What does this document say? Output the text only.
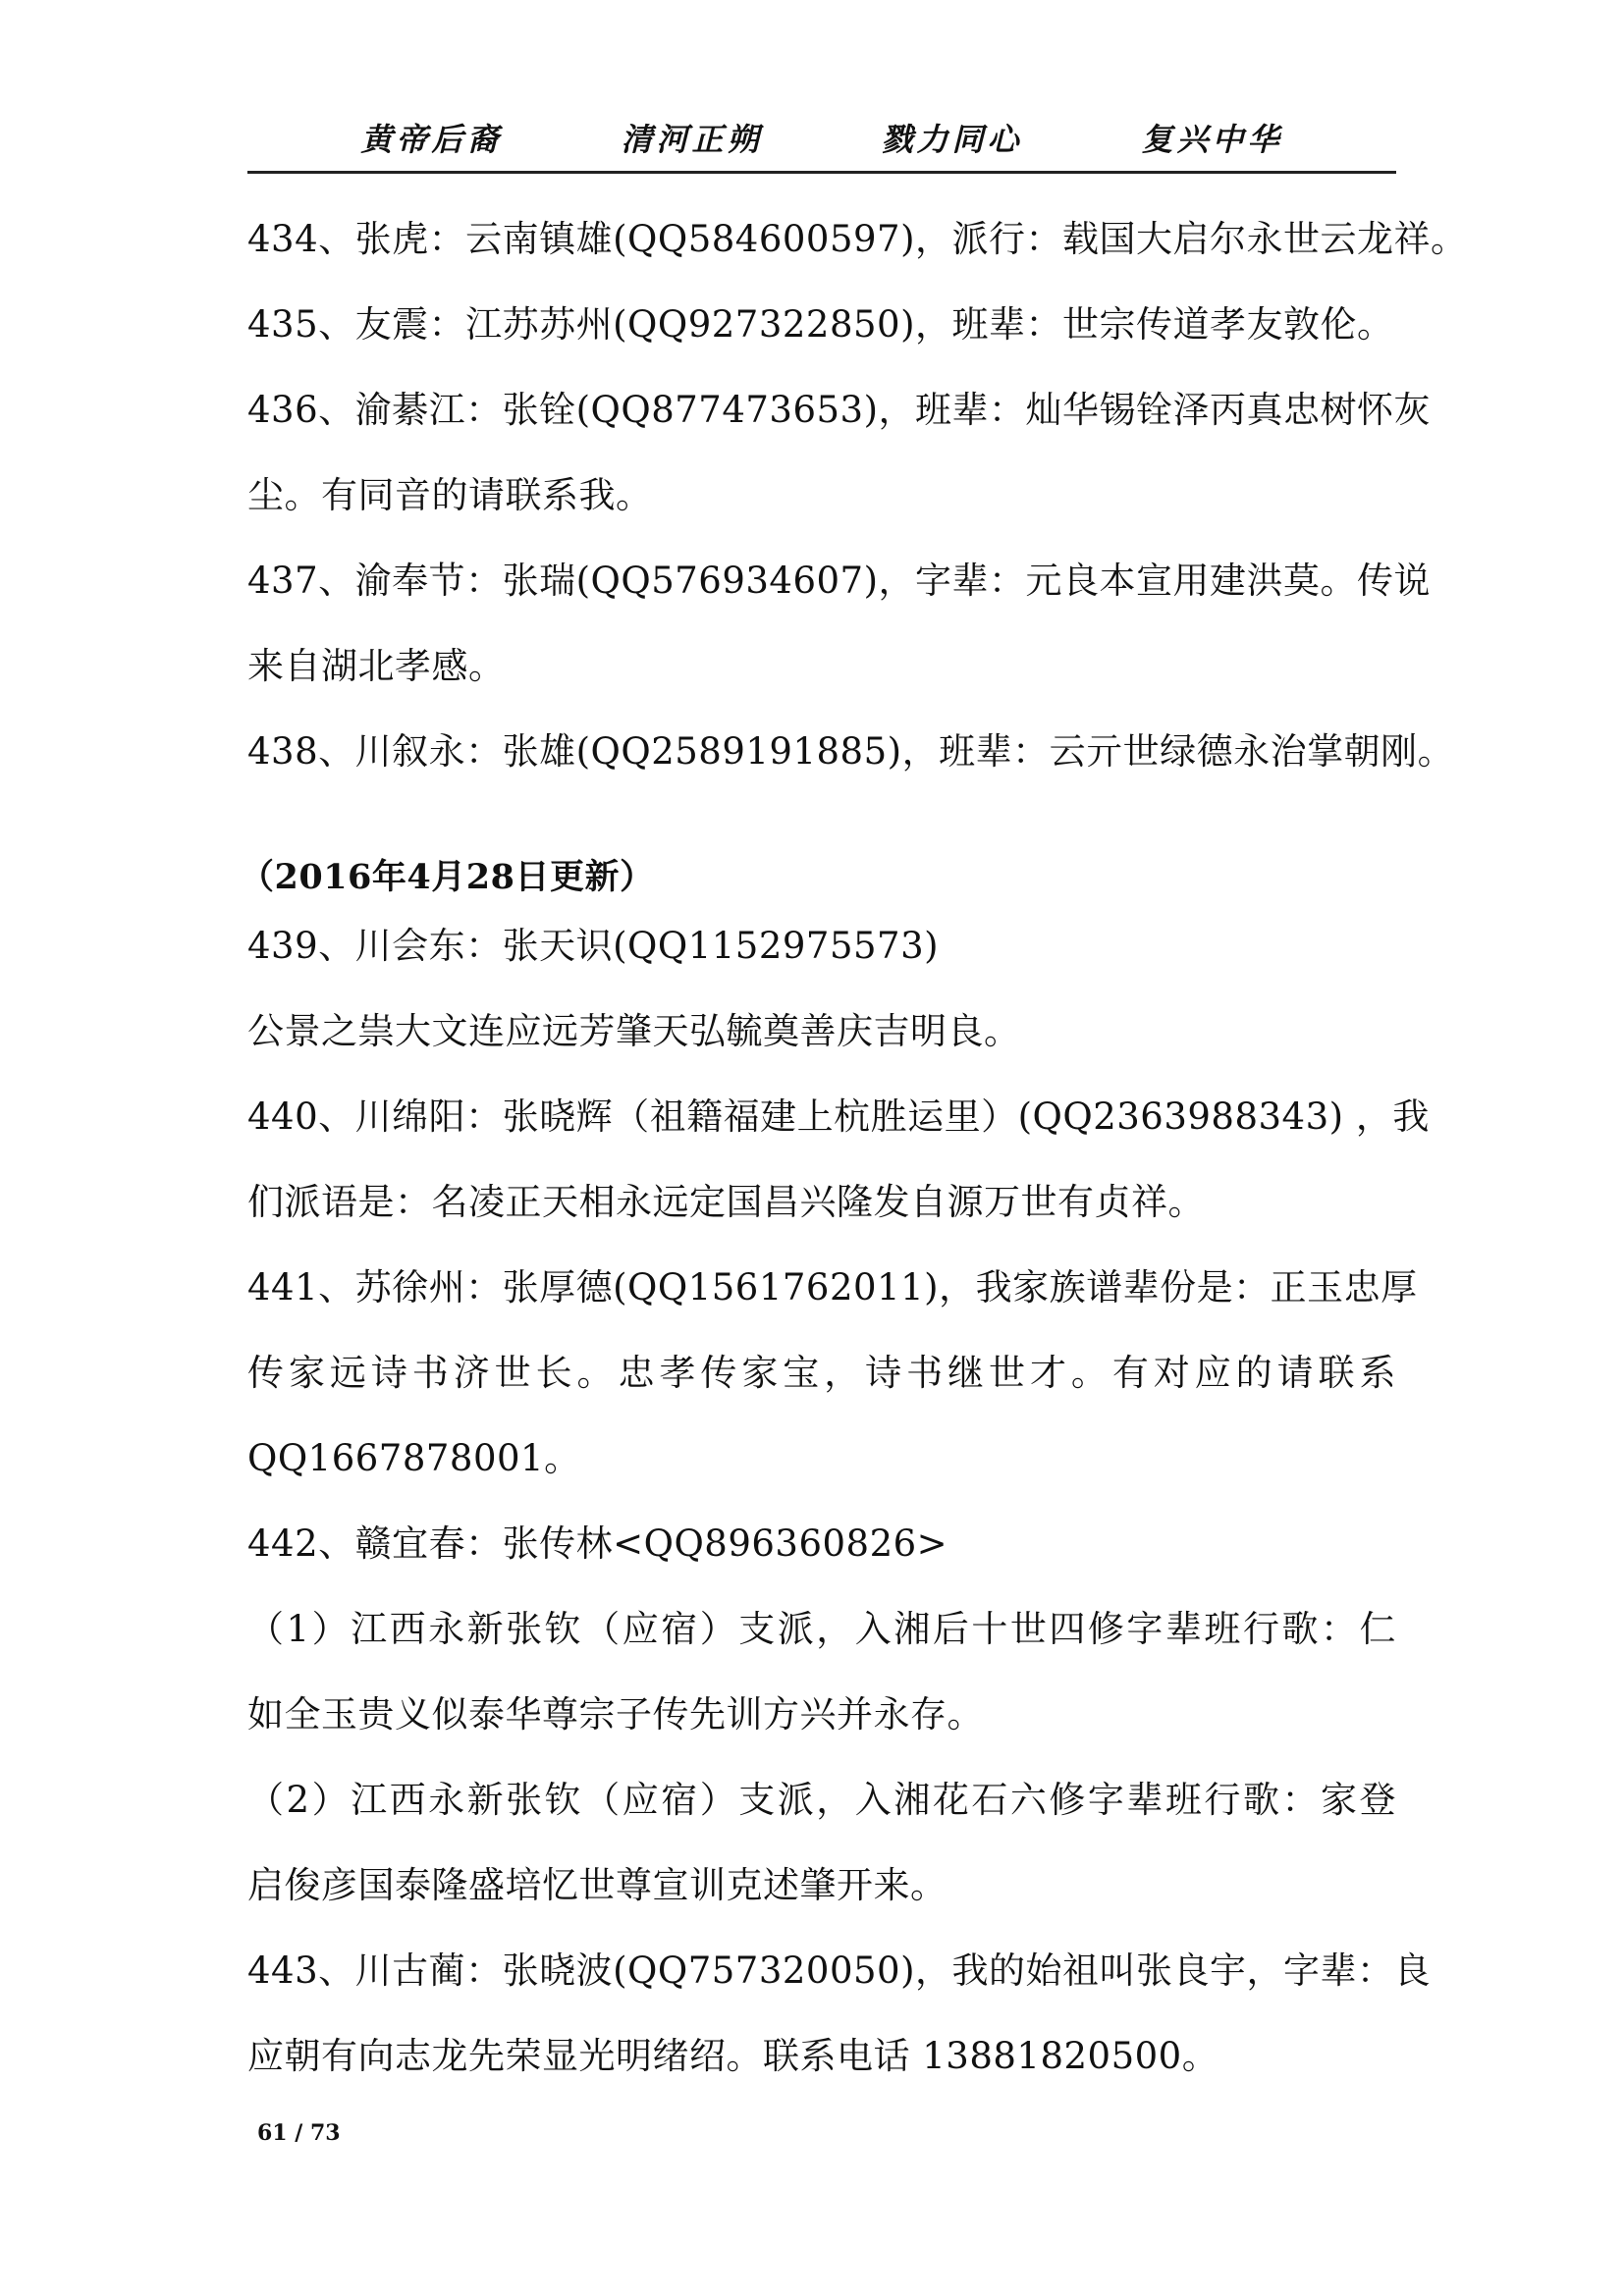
黄帝后裔	清河正朔	戮力同心	复兴中华
434、张虎：云南镇雄(QQ584600597)，派行：载国大启尔永世云龙祥。
435、友震：江苏苏州(QQ927322850)，班辈：世宗传道孝友敦伦。
436、渝綦江：张铨(QQ877473653)，班辈：灿华锡铨泽丙真忠树怀灰
尘。有同音的请联系我。
437、渝奉节：张瑞(QQ576934607)，字辈：元良本宣用建洪莫。传说
来自湖北孝感。
438、川叙永：张雄(QQ2589191885)，班辈：云亓世绿德永治掌朝刚。
（2016年4月28日更新）
439、川会东：张天识(QQ1152975573)
公景之祟大文连应远芳肇天弘毓奠善庆吉明良。
440、川绵阳：张晓辉（祖籍福建上杭胜运里）(QQ2363988343) ，我
们派语是：名凌正天相永远定国昌兴隆发自源万世有贞祥。
441、苏徐州：张厚德(QQ1561762011)，我家族谱辈份是：正玉忠厚
传家远诗书济世长。忠孝传家宝，诗书继世才。有对应的请联系
QQ1667878001。
442、赣宜春：张传林<QQ896360826>
（1）江西永新张钦（应宿）支派，入湘后十世四修字辈班行歌：仁
如全玉贵义似泰华尊宗子传先训方兴并永存。
（2）江西永新张钦（应宿）支派，入湘花石六修字辈班行歌：家登
启俊彦国泰隆盛培忆世尊宣训克述肇开来。
443、川古蔺：张晓波(QQ757320050)，我的始祖叫张良宇，字辈：良
应朝有向志龙先荣显光明绪绍。联系电话 13881820500。
61 / 73
